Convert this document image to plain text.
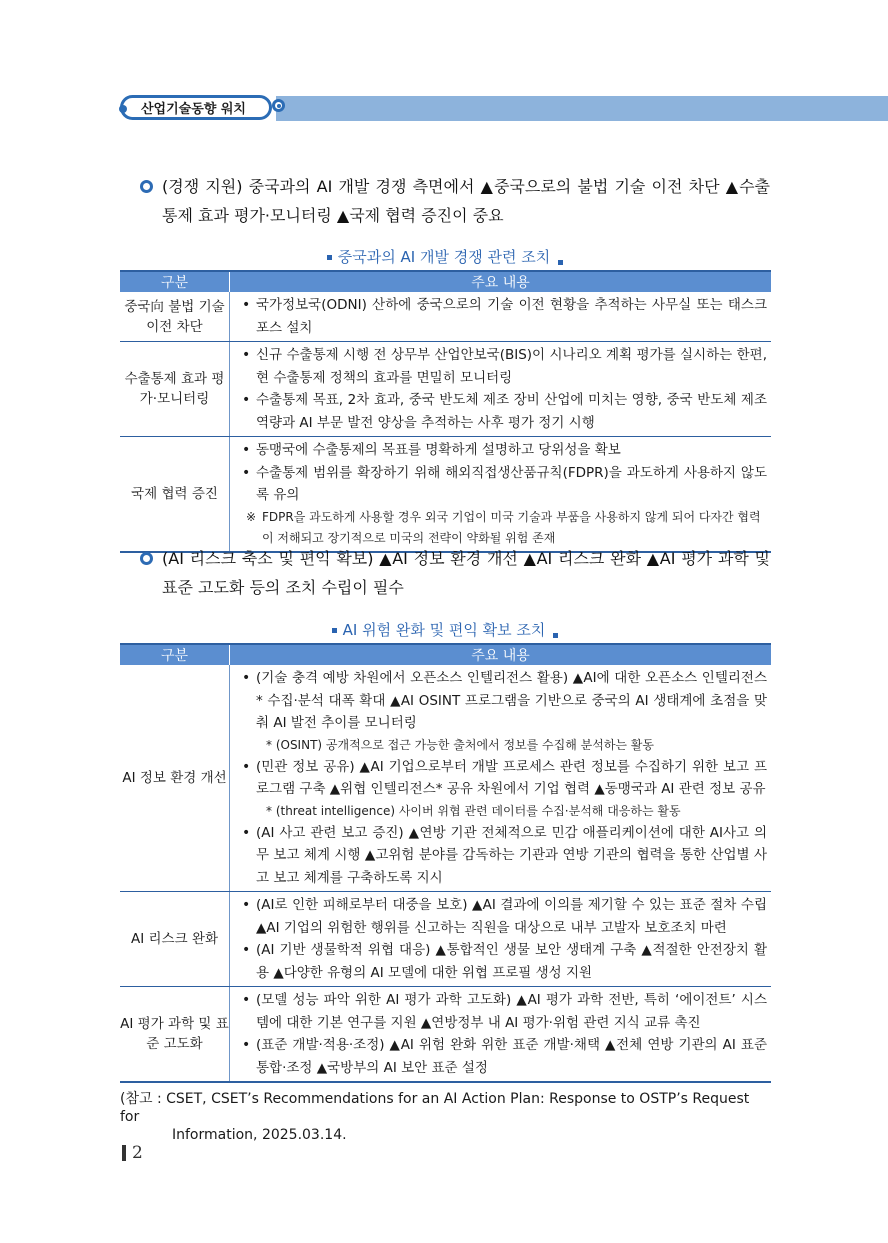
산업기술동향 워치
(경쟁 지원) 중국과의 AI 개발 경쟁 측면에서 ▲중국으로의 불법 기술 이전 차단 ▲수출통제 효과 평가·모니터링 ▲국제 협력 증진이 중요
중국과의 AI 개발 경쟁 관련 조치
구분	주요 내용
중국向 불법 기술이전 차단	• 국가정보국(ODNI) 산하에 중국으로의 기술 이전 현황을 추적하는 사무실 또는 태스크포스 설치

수출통제 효과 평가·모니터링	• 신규 수출통제 시행 전 상무부 산업안보국(BIS)이 시나리오 계획 평가를 실시하는 한편, 현 수출통제 정책의 효과를 면밀히 모니터링
• 수출통제 목표, 2차 효과, 중국 반도체 제조 장비 산업에 미치는 영향, 중국 반도체 제조 역량과 AI 부문 발전 양상을 추적하는 사후 평가 정기 시행

국제 협력 증진	• 동맹국에 수출통제의 목표를 명확하게 설명하고 당위성을 확보
• 수출통제 범위를 확장하기 위해 해외직접생산품규칙(FDPR)을 과도하게 사용하지 않도록 유의
※ FDPR을 과도하게 사용할 경우 외국 기업이 미국 기술과 부품을 사용하지 않게 되어 다자간 협력이 저해되고 장기적으로 미국의 전략이 약화될 위험 존재
(AI 리스크 축소 및 편익 확보) ▲AI 정보 환경 개선 ▲AI 리스크 완화 ▲AI 평가 과학 및 표준 고도화 등의 조치 수립이 필수
AI 위험 완화 및 편익 확보 조치
구분	주요 내용
AI 정보 환경 개선	• (기술 충격 예방 차원에서 오픈소스 인텔리전스 활용) ▲AI에 대한 오픈소스 인텔리전스* 수집·분석 대폭 확대 ▲AI OSINT 프로그램을 기반으로 중국의 AI 생태계에 초점을 맞춰 AI 발전 추이를 모니터링
* (OSINT) 공개적으로 접근 가능한 출처에서 정보를 수집해 분석하는 활동
• (민관 정보 공유) ▲AI 기업으로부터 개발 프로세스 관련 정보를 수집하기 위한 보고 프로그램 구축 ▲위협 인텔리전스* 공유 차원에서 기업 협력 ▲동맹국과 AI 관련 정보 공유
* (threat intelligence) 사이버 위협 관련 데이터를 수집·분석해 대응하는 활동
• (AI 사고 관련 보고 증진) ▲연방 기관 전체적으로 민감 애플리케이션에 대한 AI사고 의무 보고 체계 시행 ▲고위험 분야를 감독하는 기관과 연방 기관의 협력을 통한 산업별 사고 보고 체계를 구축하도록 지시

AI 리스크 완화	• (AI로 인한 피해로부터 대중을 보호) ▲AI 결과에 이의를 제기할 수 있는 표준 절차 수립 ▲AI 기업의 위험한 행위를 신고하는 직원을 대상으로 내부 고발자 보호조치 마련
• (AI 기반 생물학적 위협 대응) ▲통합적인 생물 보안 생태계 구축 ▲적절한 안전장치 활용 ▲다양한 유형의 AI 모델에 대한 위협 프로필 생성 지원

AI 평가 과학 및 표준 고도화	• (모델 성능 파악 위한 AI 평가 과학 고도화) ▲AI 평가 과학 전반, 특히 ‘에이전트’ 시스템에 대한 기본 연구를 지원 ▲연방정부 내 AI 평가·위험 관련 지식 교류 촉진
• (표준 개발·적용·조정) ▲AI 위험 완화 위한 표준 개발·채택 ▲전체 연방 기관의 AI 표준 통합·조정 ▲국방부의 AI 보안 표준 설정
(참고 : CSET, CSET’s Recommendations for an AI Action Plan: Response to OSTP’s Request for
Information, 2025.03.14.
2
